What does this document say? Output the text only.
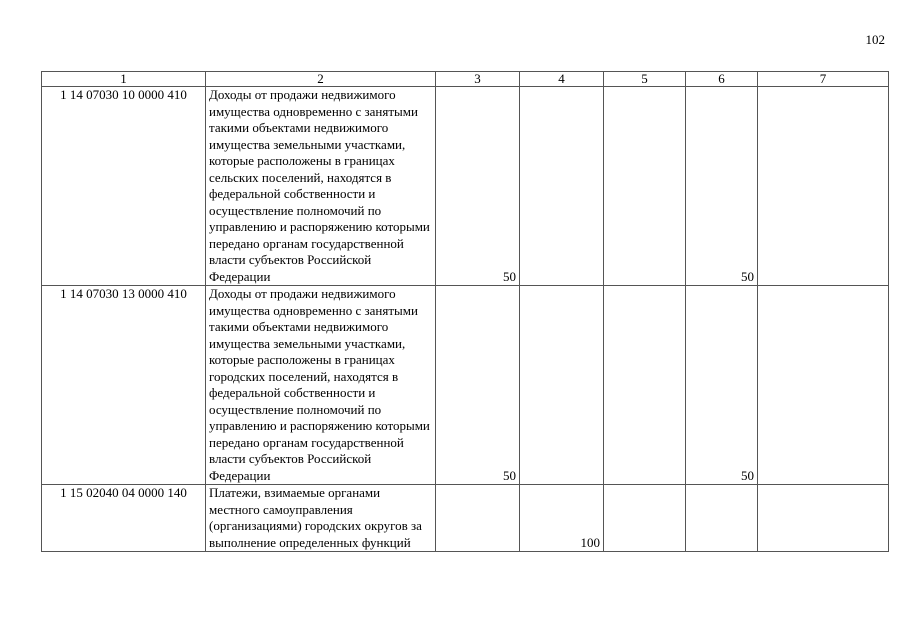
102
1	2	3	4	5	6	7
1 14 07030 10 0000 410	Доходы от продажи недвижимого имущества одновременно с занятыми такими объектами недвижимого имущества земельными участками, которые расположены в границах сельских поселений, находятся в федеральной собственности и осуществление полномочий по управлению и распоряжению которыми передано органам государственной власти субъектов Российской Федерации	50			50	
1 14 07030 13 0000 410	Доходы от продажи недвижимого имущества одновременно с занятыми такими объектами недвижимого имущества земельными участками, которые расположены в границах городских поселений, находятся в федеральной собственности и осуществление полномочий по управлению и распоряжению которыми передано органам государственной власти субъектов Российской Федерации	50			50	
1 15 02040 04 0000 140	Платежи, взимаемые органами местного самоуправления (организациями) городских округов за выполнение определенных функций		100			
